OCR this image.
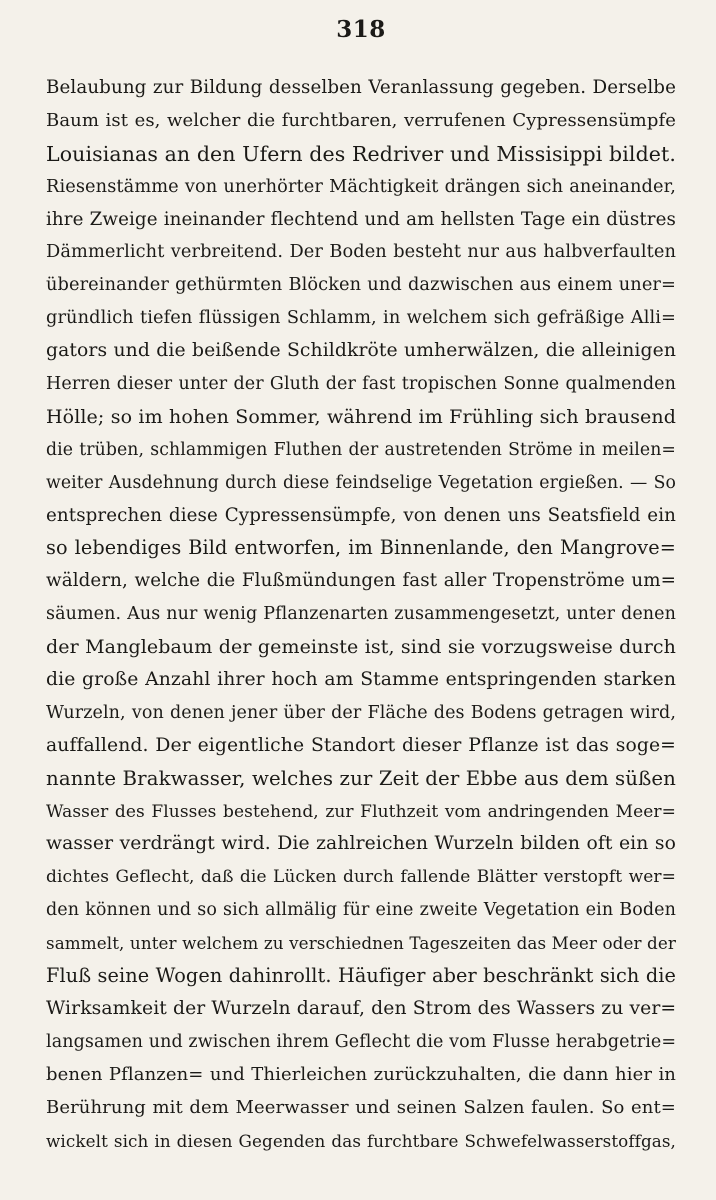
318
Belaubung zur Bildung desselben Veranlassung gegeben. Derselbe
Baum ist es, welcher die furchtbaren, verrufenen Cypressensümpfe
Louisianas an den Ufern des Redriver und Missisippi bildet.
Riesenstämme von unerhörter Mächtigkeit drängen sich aneinander,
ihre Zweige ineinander flechtend und am hellsten Tage ein düstres
Dämmerlicht verbreitend. Der Boden besteht nur aus halbverfaulten
übereinander gethürmten Blöcken und dazwischen aus einem uner=
gründlich tiefen flüssigen Schlamm, in welchem sich gefräßige Alli=
gators und die beißende Schildkröte umherwälzen, die alleinigen
Herren dieser unter der Gluth der fast tropischen Sonne qualmenden
Hölle; so im hohen Sommer, während im Frühling sich brausend
die trüben, schlammigen Fluthen der austretenden Ströme in meilen=
weiter Ausdehnung durch diese feindselige Vegetation ergießen. — So
entsprechen diese Cypressensümpfe, von denen uns Seatsfield ein
so lebendiges Bild entworfen, im Binnenlande, den Mangrove=
wäldern, welche die Flußmündungen fast aller Tropenströme um=
säumen. Aus nur wenig Pflanzenarten zusammengesetzt, unter denen
der Manglebaum der gemeinste ist, sind sie vorzugsweise durch
die große Anzahl ihrer hoch am Stamme entspringenden starken
Wurzeln, von denen jener über der Fläche des Bodens getragen wird,
auffallend. Der eigentliche Standort dieser Pflanze ist das soge=
nannte Brakwasser, welches zur Zeit der Ebbe aus dem süßen
Wasser des Flusses bestehend, zur Fluthzeit vom andringenden Meer=
wasser verdrängt wird. Die zahlreichen Wurzeln bilden oft ein so
dichtes Geflecht, daß die Lücken durch fallende Blätter verstopft wer=
den können und so sich allmälig für eine zweite Vegetation ein Boden
sammelt, unter welchem zu verschiednen Tageszeiten das Meer oder der
Fluß seine Wogen dahinrollt. Häufiger aber beschränkt sich die
Wirksamkeit der Wurzeln darauf, den Strom des Wassers zu ver=
langsamen und zwischen ihrem Geflecht die vom Flusse herabgetrie=
benen Pflanzen= und Thierleichen zurückzuhalten, die dann hier in
Berührung mit dem Meerwasser und seinen Salzen faulen. So ent=
wickelt sich in diesen Gegenden das furchtbare Schwefelwasserstoffgas,
